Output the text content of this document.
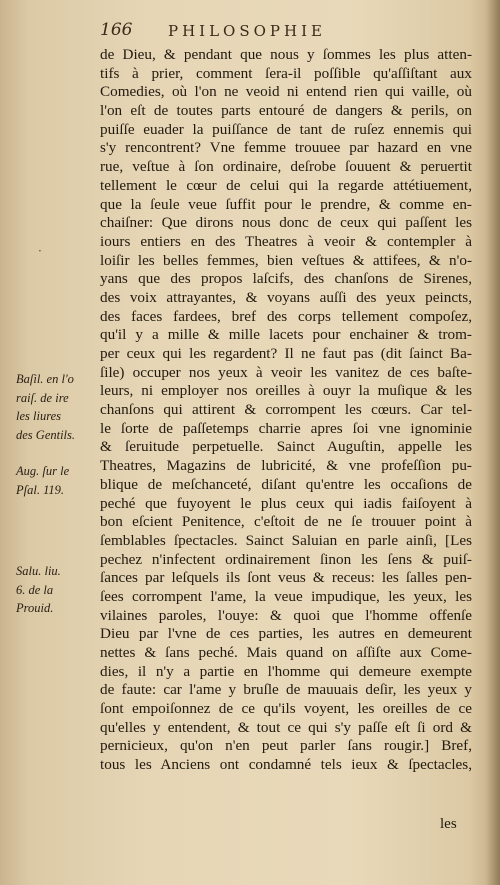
166 PHILOSOPHIE
·
Baſil. en l'o
raiſ. de ire
les liures
des Gentils.
Aug. ſur le
Pſal. 119.
Salu. liu.
6. de la
Prouid.
de Dieu, & pendant que nous y ſommes les plus atten-
tifs à prier, comment ſera-il poſſible qu'aſſiſtant aux
Comedies, où l'on ne veoid ni entend rien qui vaille, où
l'on eſt de toutes parts entouré de dangers & perils, on
puiſſe euader la puiſſance de tant de ruſez ennemis qui
s'y rencontrent? Vne femme trouuee par hazard en vne
rue, veſtue à ſon ordinaire, deſrobe ſouuent & peruertit
tellement le cœur de celui qui la regarde attétiuement,
que la ſeule veue ſuffit pour le prendre, & comme en-
chaiſner: Que dirons nous donc de ceux qui paſſent les
iours entiers en des Theatres à veoir & contempler à
loiſir les belles femmes, bien veſtues & attifees, & n'o-
yans que des propos laſcifs, des chanſons de Sirenes,
des voix attrayantes, & voyans auſſi des yeux peincts,
des faces fardees, bref des corps tellement compoſez,
qu'il y a mille & mille lacets pour enchainer & trom-
per ceux qui les regardent? Il ne faut pas (dit ſainct Ba-
ſile) occuper nos yeux à veoir les vanitez de ces baſte-
leurs, ni employer nos oreilles à ouyr la muſique & les
chanſons qui attirent & corrompent les cœurs. Car tel-
le ſorte de paſſetemps charrie apres ſoi vne ignominie
& ſeruitude perpetuelle. Sainct Auguſtin, appelle les
Theatres, Magazins de lubricité, & vne profeſſion pu-
blique de meſchanceté, diſant qu'entre les occaſions de
peché que fuyoyent le plus ceux qui iadis faiſoyent à
bon eſcient Penitence, c'eſtoit de ne ſe trouuer point à
ſemblables ſpectacles. Sainct Saluian en parle ainſi, [Les
pechez n'infectent ordinairement ſinon les ſens & puiſ-
ſances par leſquels ils ſont veus & receus: les ſalles pen-
ſees corrompent l'ame, la veue impudique, les yeux, les
vilaines paroles, l'ouye: & quoi que l'homme offenſe
Dieu par l'vne de ces parties, les autres en demeurent
nettes & ſans peché. Mais quand on aſſiſte aux Come-
dies, il n'y a partie en l'homme qui demeure exempte
de faute: car l'ame y bruſle de mauuais deſir, les yeux y
ſont empoiſonnez de ce qu'ils voyent, les oreilles de ce
qu'elles y entendent, & tout ce qui s'y paſſe eſt ſi ord &
pernicieux, qu'on n'en peut parler ſans rougir.] Bref,
tous les Anciens ont condamné tels ieux & ſpectacles,
les
